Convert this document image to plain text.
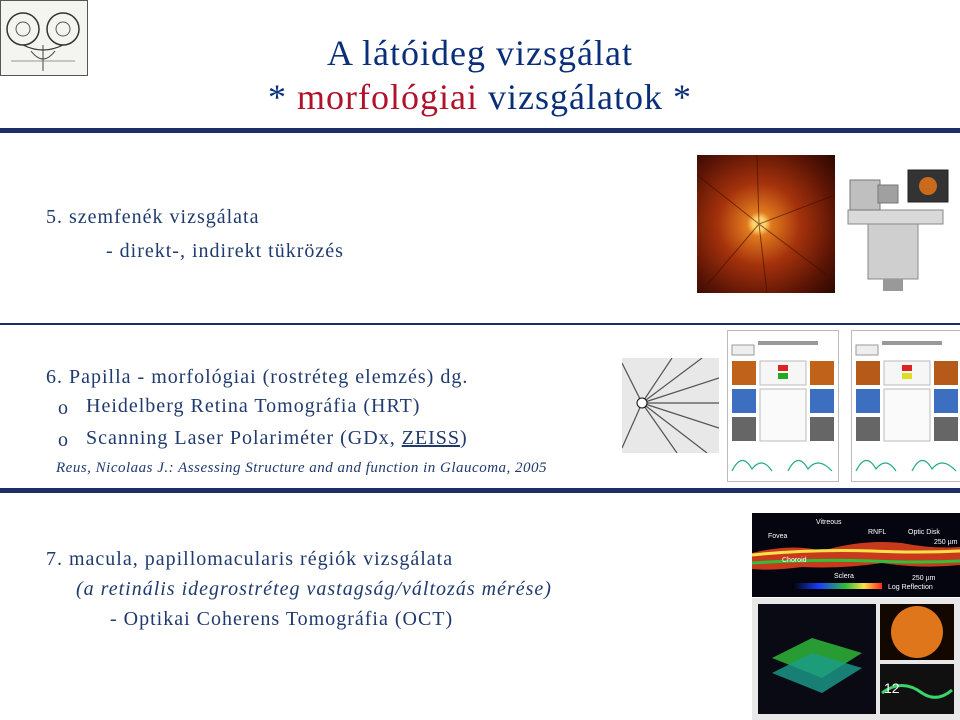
A látóideg vizsgálat
* morfológiai vizsgálatok *
5. szemfenék vizsgálata
- direkt-, indirekt tükrözés
6. Papilla - morfológiai (rostréteg elemzés) dg.
o Heidelberg Retina Tomográfia (HRT)
o Scanning Laser Polariméter (GDx, ZEISS)
Reus, Nicolaas J.: Assessing Structure and and function in Glaucoma, 2005
7. macula, papillomacularis régiók vizsgálata
(a retinális idegrostréteg vastagság/változás mérése)
- Optikai Coherens Tomográfia (OCT)
Vitreous
Fovea
RNFL	Optic Disk
Choroid
Sclera
Log Reflection
250 µm
250 µm
12
